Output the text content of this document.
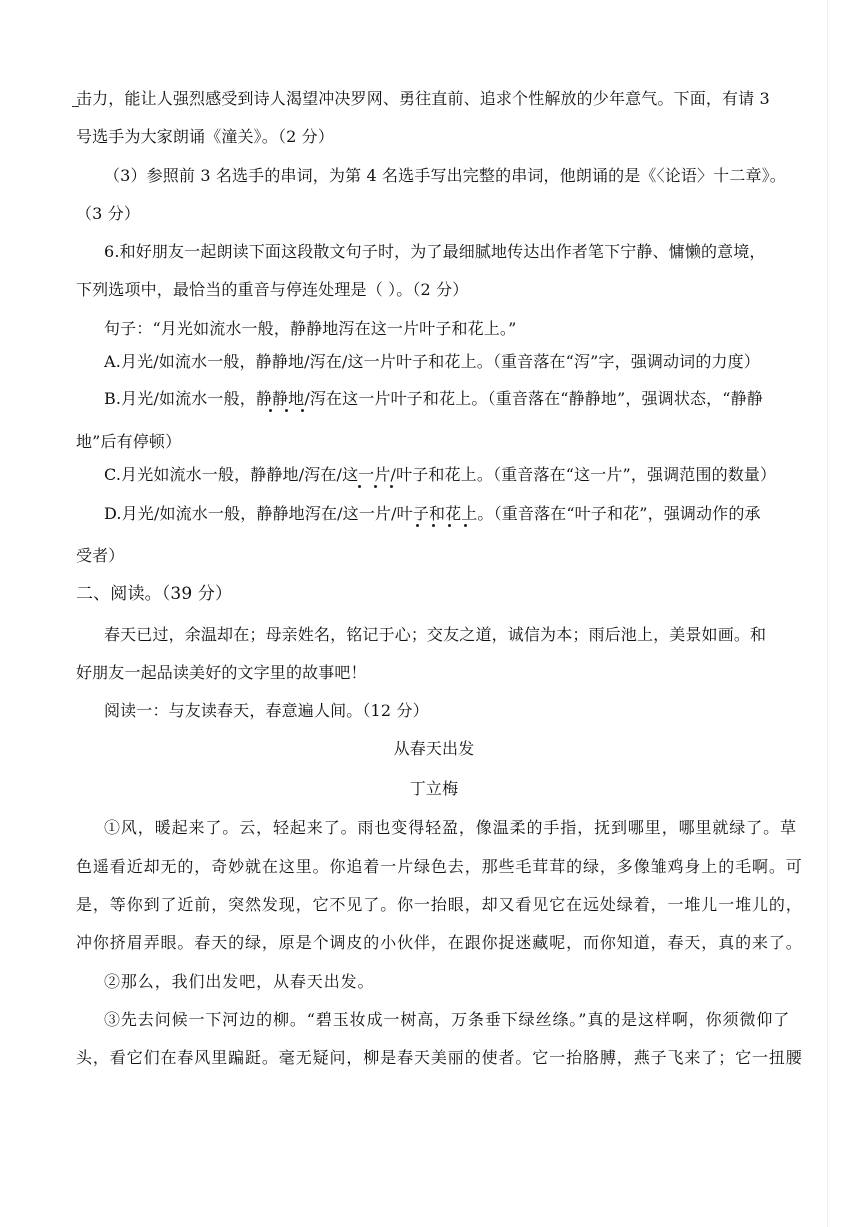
击力，能让人强烈感受到诗人渴望冲决罗网、勇往直前、追求个性解放的少年意气。下面，有请 3
号选手为大家朗诵《潼关》。（2 分）
（3）参照前 3 名选手的串词，为第 4 名选手写出完整的串词，他朗诵的是《〈论语〉十二章》。
（3 分）
6.和好朋友一起朗读下面这段散文句子时，为了最细腻地传达出作者笔下宁静、慵懒的意境，
下列选项中，最恰当的重音与停连处理是（ ）。（2 分）
句子：“月光如流水一般，静静地泻在这一片叶子和花上。”
A.月光/如流水一般，静静地/泻在/这一片叶子和花上。（重音落在“泻”字，强调动词的力度）
B.月光/如流水一般，静静地/泻在这一片叶子和花上。（重音落在“静静地”，强调状态，“静静
地”后有停顿）
C.月光如流水一般，静静地/泻在/这一片/叶子和花上。（重音落在“这一片”，强调范围的数量）
D.月光/如流水一般，静静地泻在/这一片/叶子和花上。（重音落在“叶子和花”，强调动作的承
受者）
二、阅读。（39 分）
春天已过，余温却在；母亲姓名，铭记于心；交友之道，诚信为本；雨后池上，美景如画。和
好朋友一起品读美好的文字里的故事吧！
阅读一：与友读春天，春意遍人间。（12 分）
从春天出发
丁立梅
①风，暖起来了。云，轻起来了。雨也变得轻盈，像温柔的手指，抚到哪里，哪里就绿了。草
色遥看近却无的，奇妙就在这里。你追着一片绿色去，那些毛茸茸的绿，多像雏鸡身上的毛啊。可
是，等你到了近前，突然发现，它不见了。你一抬眼，却又看见它在远处绿着，一堆儿一堆儿的，
冲你挤眉弄眼。春天的绿，原是个调皮的小伙伴，在跟你捉迷藏呢，而你知道，春天，真的来了。
②那么，我们出发吧，从春天出发。
③先去问候一下河边的柳。“碧玉妆成一树高，万条垂下绿丝绦。”真的是这样啊，你须微仰了
头，看它们在春风里蹁跹。毫无疑问，柳是春天美丽的使者。它一抬胳膊，燕子飞来了；它一扭腰
